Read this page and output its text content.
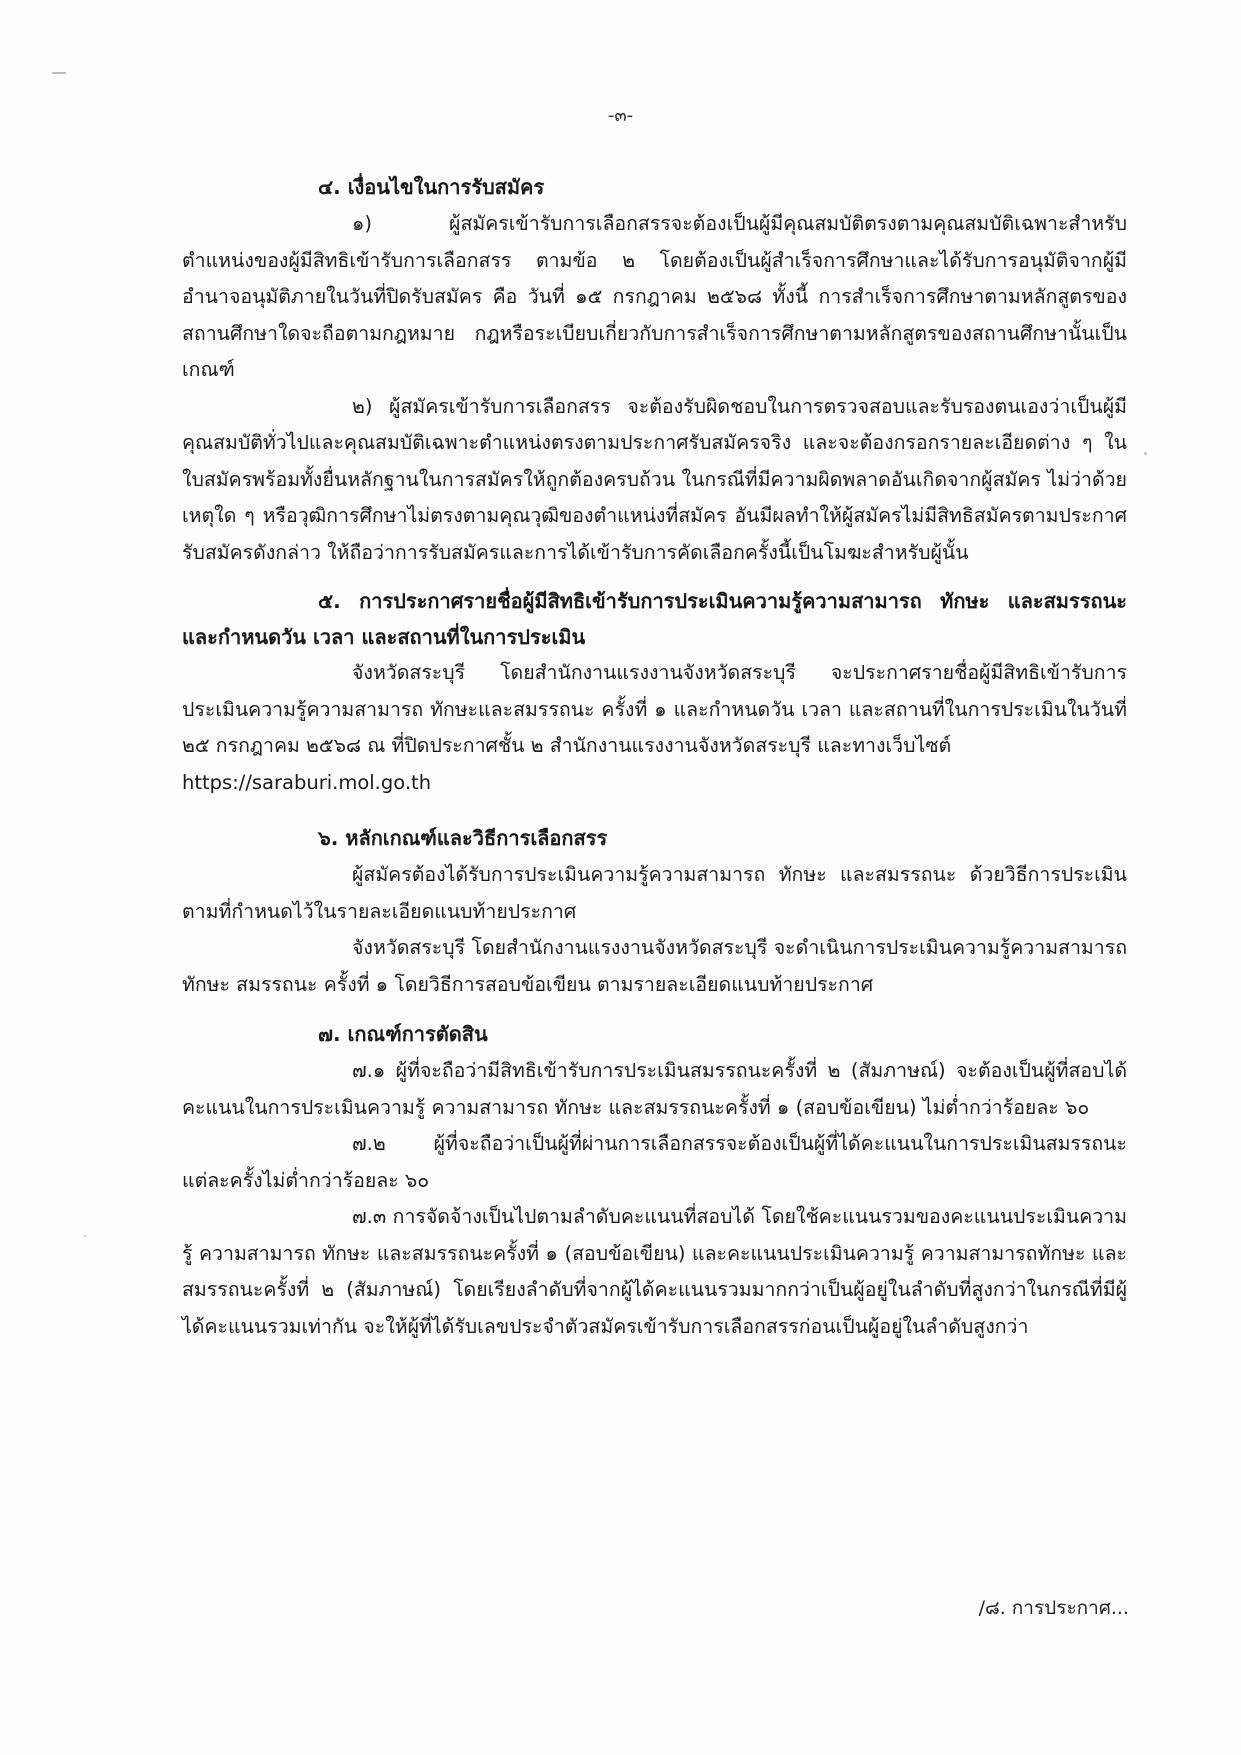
-๓-

๔. เงื่อนไขในการรับสมัคร

๑) ผู้สมัครเข้ารับการเลือกสรรจะต้องเป็นผู้มีคุณสมบัติตรงตามคุณสมบัติเฉพาะสำหรับตำแหน่งของผู้มีสิทธิเข้ารับการเลือกสรร ตามข้อ ๒ โดยต้องเป็นผู้สำเร็จการศึกษาและได้รับการอนุมัติจากผู้มีอำนาจอนุมัติภายในวันที่ปิดรับสมัคร คือ วันที่ ๑๕ กรกฎาคม ๒๕๖๘ ทั้งนี้ การสำเร็จการศึกษาตามหลักสูตรของสถานศึกษาใดจะถือตามกฎหมาย กฎหรือระเบียบเกี่ยวกับการสำเร็จการศึกษาตามหลักสูตรของสถานศึกษานั้นเป็นเกณฑ์

๒) ผู้สมัครเข้ารับการเลือกสรร จะต้องรับผิดชอบในการตรวจสอบและรับรองตนเองว่าเป็นผู้มีคุณสมบัติทั่วไปและคุณสมบัติเฉพาะตำแหน่งตรงตามประกาศรับสมัครจริง และจะต้องกรอกรายละเอียดต่าง ๆ ในใบสมัครพร้อมทั้งยื่นหลักฐานในการสมัครให้ถูกต้องครบถ้วน ในกรณีที่มีความผิดพลาดอันเกิดจากผู้สมัคร ไม่ว่าด้วยเหตุใด ๆ หรือวุฒิการศึกษาไม่ตรงตามคุณวุฒิของตำแหน่งที่สมัคร อันมีผลทำให้ผู้สมัครไม่มีสิทธิสมัครตามประกาศรับสมัครดังกล่าว ให้ถือว่าการรับสมัครและการได้เข้ารับการคัดเลือกครั้งนี้เป็นโมฆะสำหรับผู้นั้น

๕. การประกาศรายชื่อผู้มีสิทธิเข้ารับการประเมินความรู้ความสามารถ ทักษะ และสมรรถนะ และกำหนดวัน เวลา และสถานที่ในการประเมิน

จังหวัดสระบุรี โดยสำนักงานแรงงานจังหวัดสระบุรี จะประกาศรายชื่อผู้มีสิทธิเข้ารับการประเมินความรู้ความสามารถ ทักษะและสมรรถนะ ครั้งที่ ๑ และกำหนดวัน เวลา และสถานที่ในการประเมินในวันที่ ๒๕ กรกฎาคม ๒๕๖๘ ณ ที่ปิดประกาศชั้น ๒ สำนักงานแรงงานจังหวัดสระบุรี และทางเว็บไซต์

https://saraburi.mol.go.th

๖. หลักเกณฑ์และวิธีการเลือกสรร

ผู้สมัครต้องได้รับการประเมินความรู้ความสามารถ ทักษะ และสมรรถนะ ด้วยวิธีการประเมินตามที่กำหนดไว้ในรายละเอียดแนบท้ายประกาศ

จังหวัดสระบุรี โดยสำนักงานแรงงานจังหวัดสระบุรี จะดำเนินการประเมินความรู้ความสามารถ ทักษะ สมรรถนะ ครั้งที่ ๑ โดยวิธีการสอบข้อเขียน ตามรายละเอียดแนบท้ายประกาศ

๗. เกณฑ์การตัดสิน

๗.๑ ผู้ที่จะถือว่ามีสิทธิเข้ารับการประเมินสมรรถนะครั้งที่ ๒ (สัมภาษณ์) จะต้องเป็นผู้ที่สอบได้คะแนนในการประเมินความรู้ ความสามารถ ทักษะ และสมรรถนะครั้งที่ ๑ (สอบข้อเขียน) ไม่ต่ำกว่าร้อยละ ๖๐

๗.๒ ผู้ที่จะถือว่าเป็นผู้ที่ผ่านการเลือกสรรจะต้องเป็นผู้ที่ได้คะแนนในการประเมินสมรรถนะแต่ละครั้งไม่ต่ำกว่าร้อยละ ๖๐

๗.๓ การจัดจ้างเป็นไปตามลำดับคะแนนที่สอบได้ โดยใช้คะแนนรวมของคะแนนประเมินความรู้ ความสามารถ ทักษะ และสมรรถนะครั้งที่ ๑ (สอบข้อเขียน) และคะแนนประเมินความรู้ ความสามารถทักษะ และสมรรถนะครั้งที่ ๒ (สัมภาษณ์) โดยเรียงลำดับที่จากผู้ได้คะแนนรวมมากกว่าเป็นผู้อยู่ในลำดับที่สูงกว่าในกรณีที่มีผู้ได้คะแนนรวมเท่ากัน จะให้ผู้ที่ได้รับเลขประจำตัวสมัครเข้ารับการเลือกสรรก่อนเป็นผู้อยู่ในลำดับสูงกว่า

/๘. การประกาศ...
